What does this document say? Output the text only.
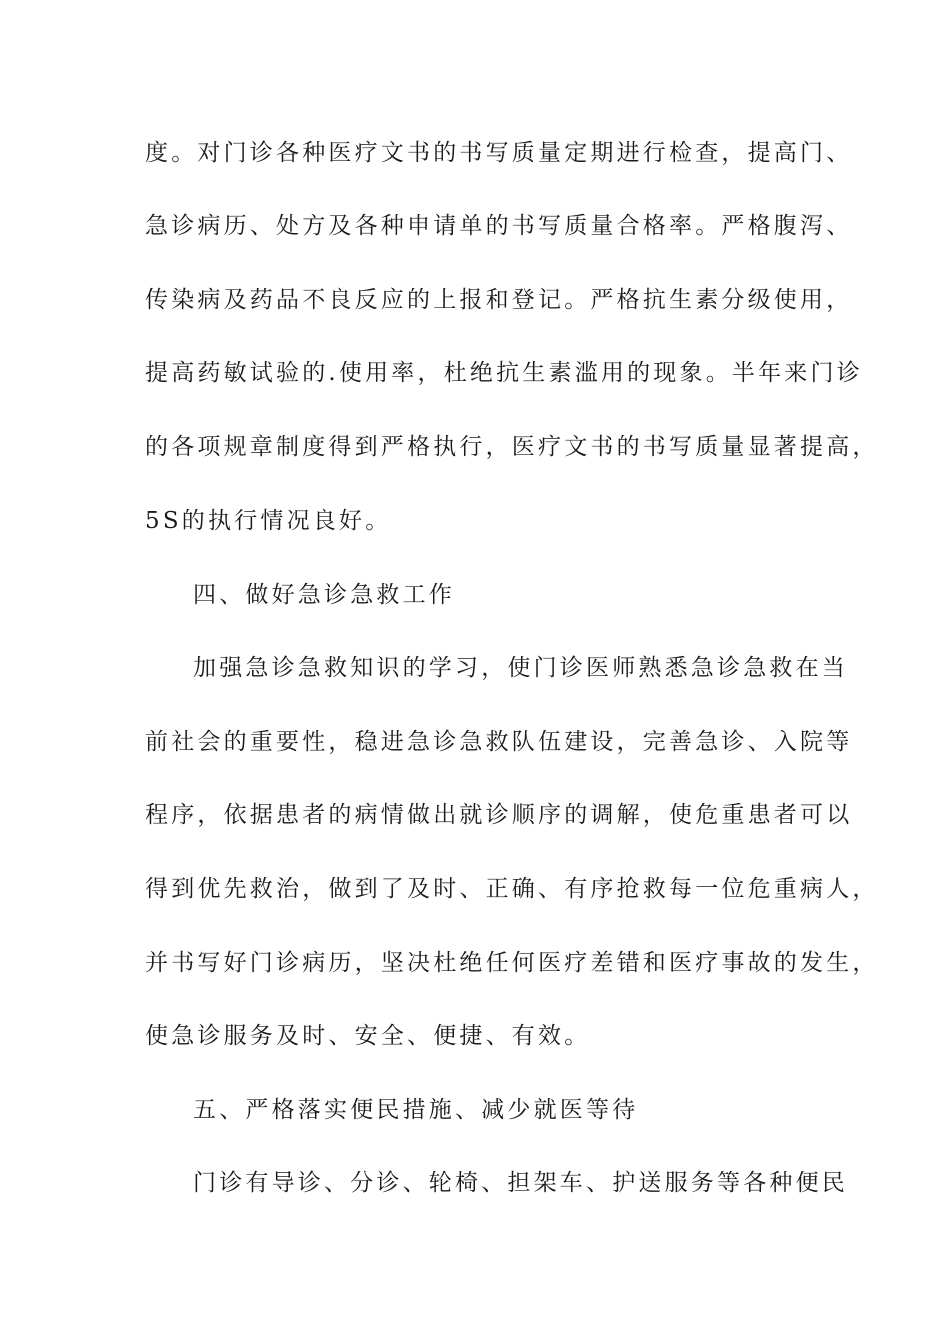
度。对门诊各种医疗文书的书写质量定期进行检查，提高门、
急诊病历、处方及各种申请单的书写质量合格率。严格腹泻、
传染病及药品不良反应的上报和登记。严格抗生素分级使用，
提高药敏试验的.使用率，杜绝抗生素滥用的现象。半年来门诊
的各项规章制度得到严格执行，医疗文书的书写质量显著提高，
5S的执行情况良好。
四、做好急诊急救工作
加强急诊急救知识的学习，使门诊医师熟悉急诊急救在当
前社会的重要性，稳进急诊急救队伍建设，完善急诊、入院等
程序，依据患者的病情做出就诊顺序的调解，使危重患者可以
得到优先救治，做到了及时、正确、有序抢救每一位危重病人，
并书写好门诊病历，坚决杜绝任何医疗差错和医疗事故的发生，
使急诊服务及时、安全、便捷、有效。
五、严格落实便民措施、减少就医等待
门诊有导诊、分诊、轮椅、担架车、护送服务等各种便民
